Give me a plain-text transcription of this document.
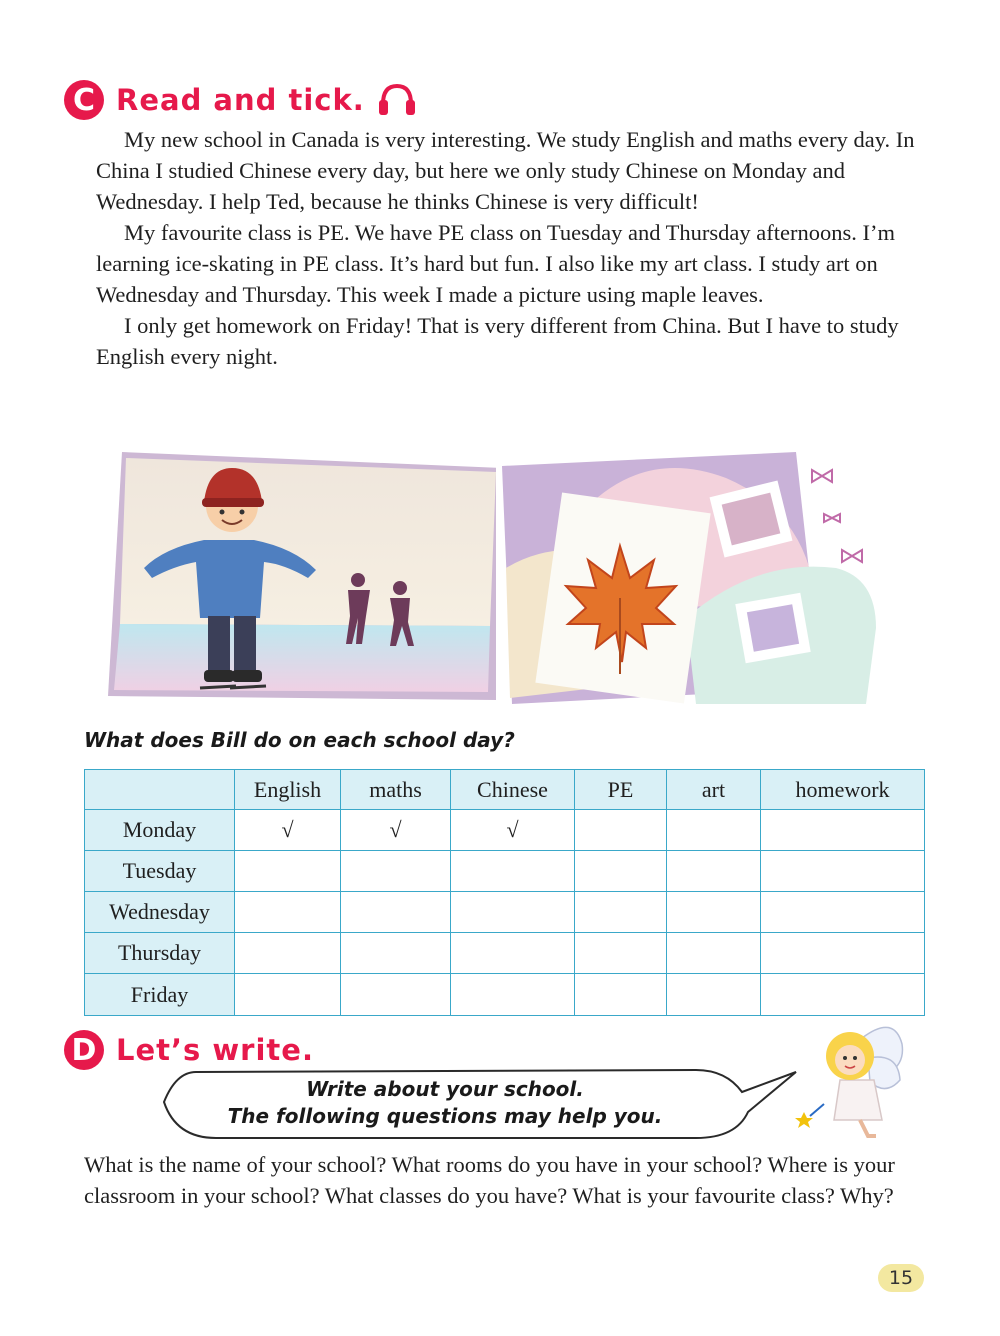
C Read and tick.

My new school in Canada is very interesting. We study English and maths every day. In China I studied Chinese every day, but here we only study Chinese on Monday and Wednesday. I help Ted, because he thinks Chinese is very difficult!

My favourite class is PE. We have PE class on Tuesday and Thursday afternoons. I’m learning ice-skating in PE class. It’s hard but fun. I also like my art class. I study art on Wednesday and Thursday. This week I made a picture using maple leaves.

I only get homework on Friday! That is very different from China. But I have to study English every night.

What does Bill do on each school day?
	English	maths	Chinese	PE	art	homework
Monday	√	√	√			
Tuesday						
Wednesday						
Thursday						
Friday						
D Let’s write.
Write about your school.
The following questions may help you.
What is the name of your school? What rooms do you have in your school? Where is your classroom in your school? What classes do you have? What is your favourite class? Why?
15
